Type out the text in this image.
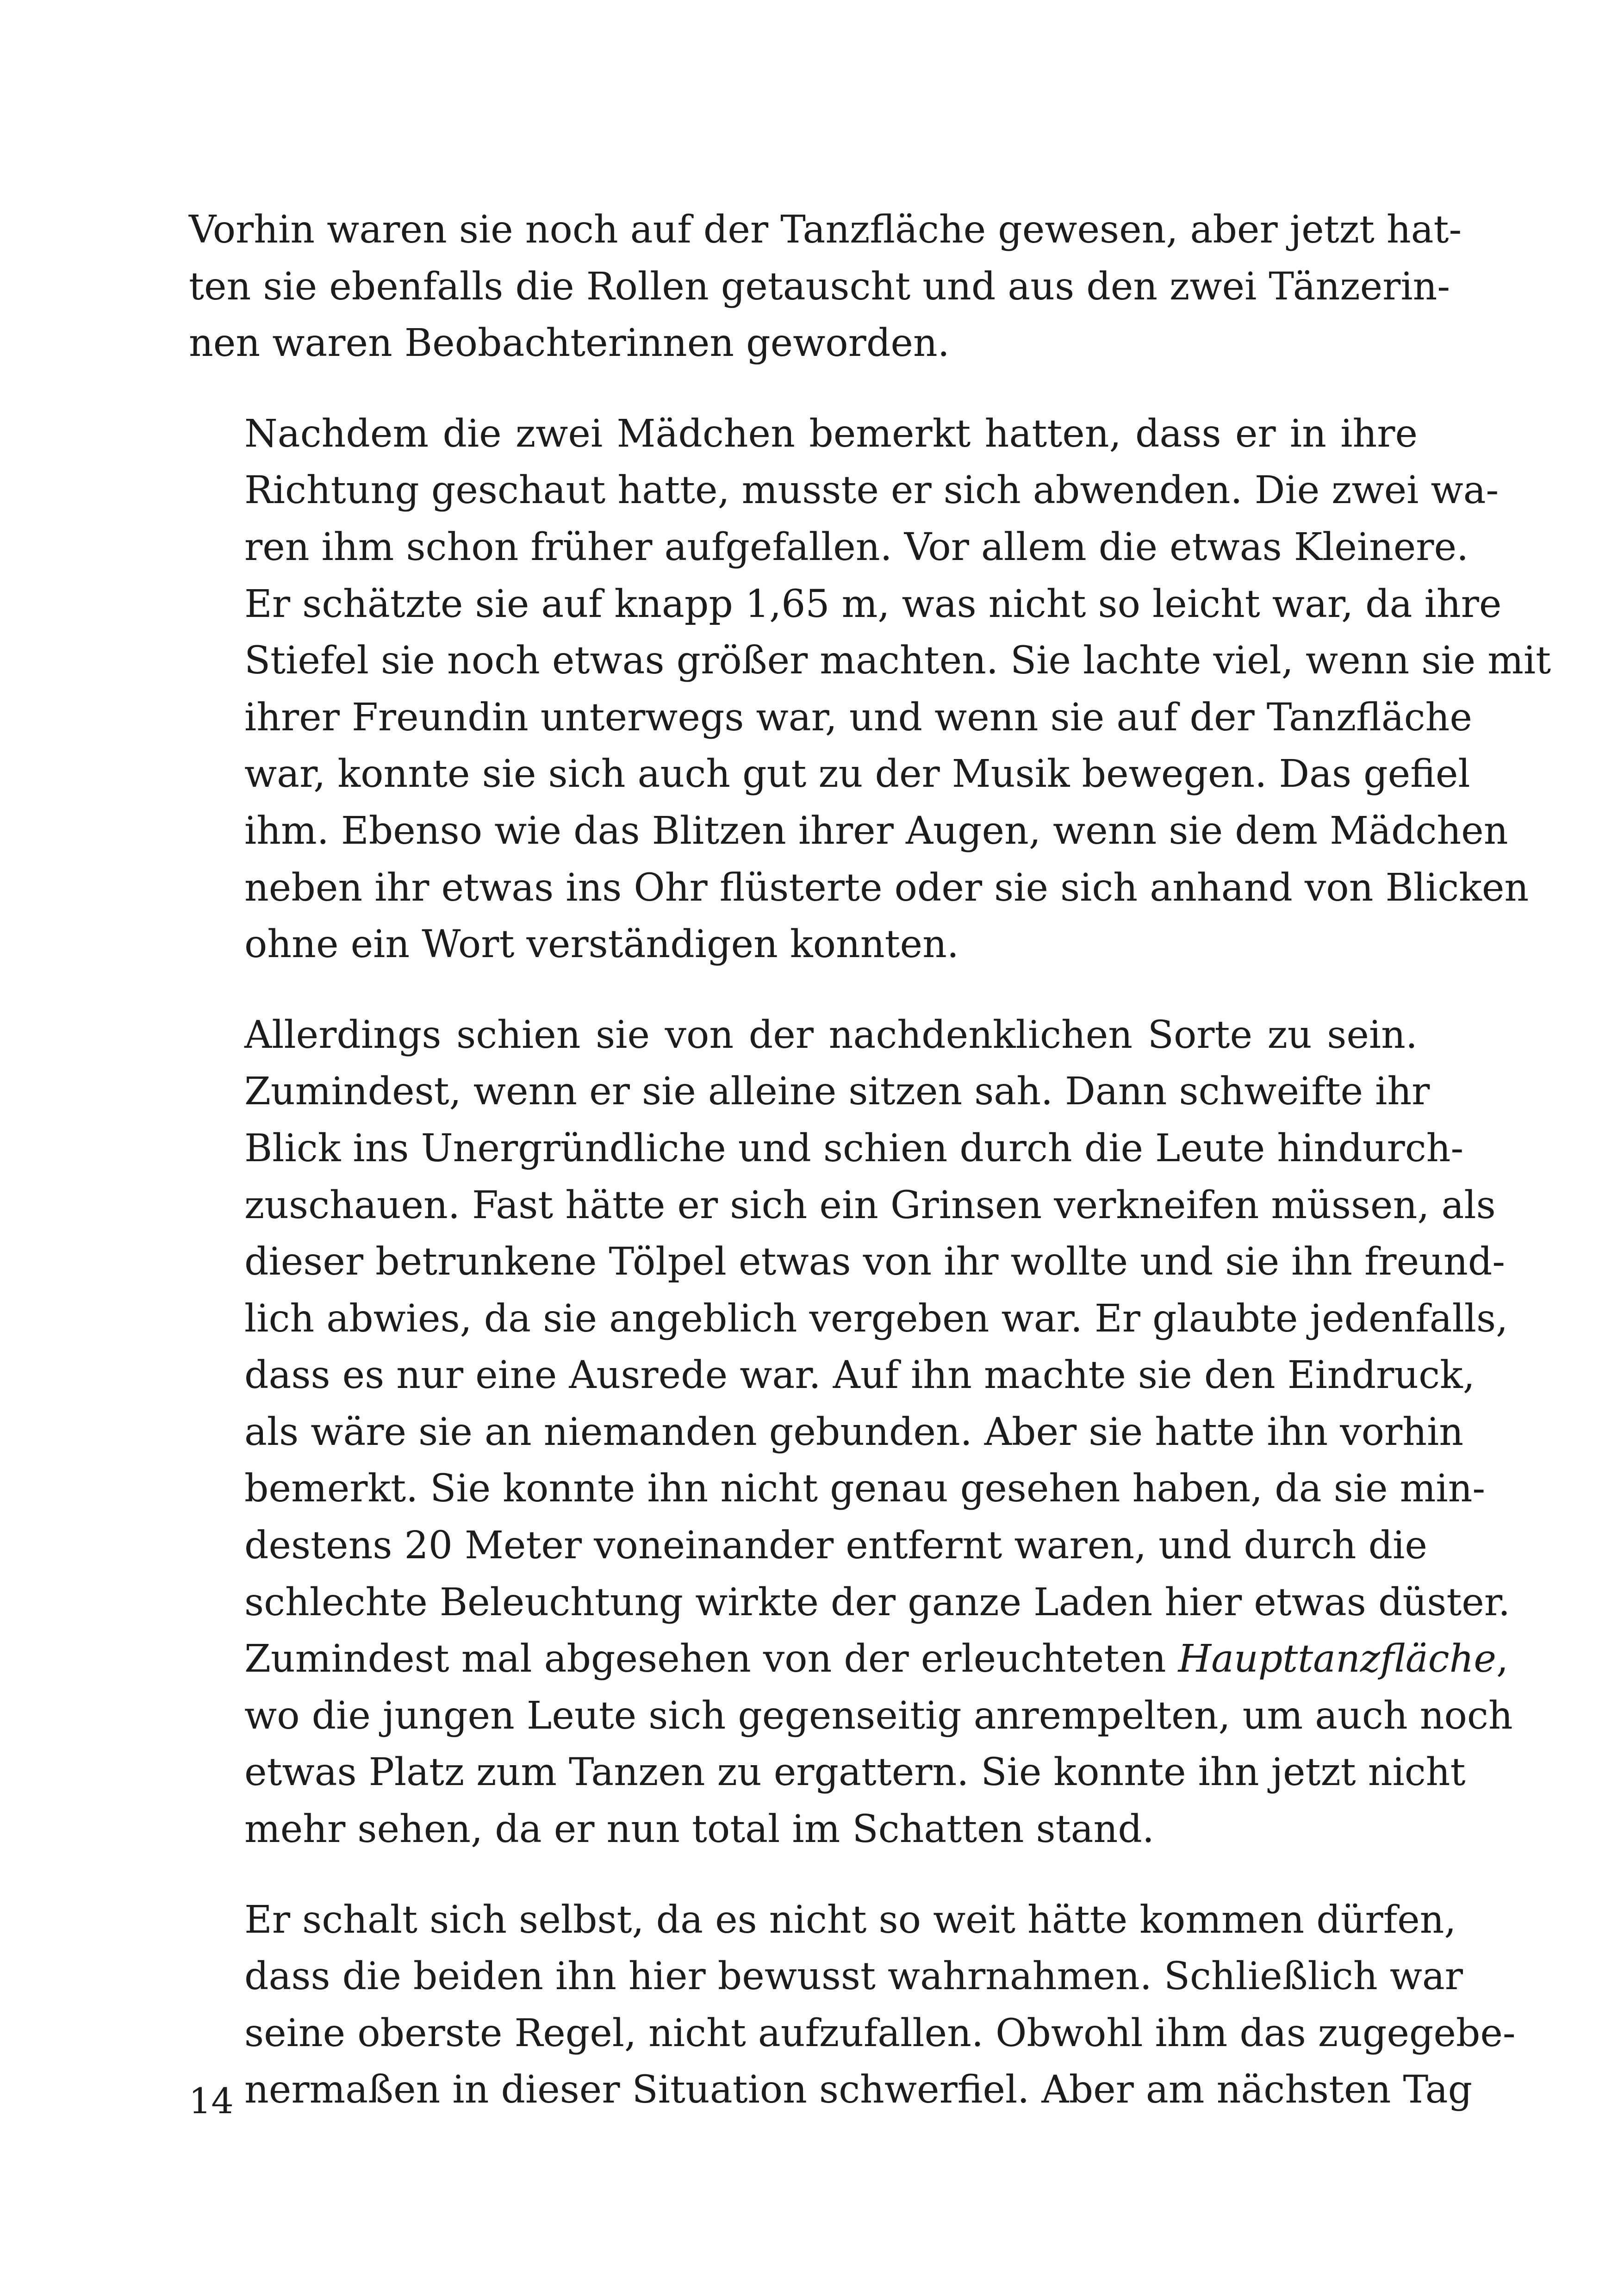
Vorhin waren sie noch auf der Tanzfläche gewesen, aber jetzt hat-
ten sie ebenfalls die Rollen getauscht und aus den zwei Tänzerin-
nen waren Beobachterinnen geworden.

Nachdem die zwei Mädchen bemerkt hatten, dass er in ihre
Richtung geschaut hatte, musste er sich abwenden. Die zwei wa-
ren ihm schon früher aufgefallen. Vor allem die etwas Kleinere.
Er schätzte sie auf knapp 1,65 m, was nicht so leicht war, da ihre
Stiefel sie noch etwas größer machten. Sie lachte viel, wenn sie mit
ihrer Freundin unterwegs war, und wenn sie auf der Tanzfläche
war, konnte sie sich auch gut zu der Musik bewegen. Das gefiel
ihm. Ebenso wie das Blitzen ihrer Augen, wenn sie dem Mädchen
neben ihr etwas ins Ohr flüsterte oder sie sich anhand von Blicken
ohne ein Wort verständigen konnten.

Allerdings schien sie von der nachdenklichen Sorte zu sein.
Zumindest, wenn er sie alleine sitzen sah. Dann schweifte ihr
Blick ins Unergründliche und schien durch die Leute hindurch-
zuschauen. Fast hätte er sich ein Grinsen verkneifen müssen, als
dieser betrunkene Tölpel etwas von ihr wollte und sie ihn freund-
lich abwies, da sie angeblich vergeben war. Er glaubte jedenfalls,
dass es nur eine Ausrede war. Auf ihn machte sie den Eindruck,
als wäre sie an niemanden gebunden. Aber sie hatte ihn vorhin
bemerkt. Sie konnte ihn nicht genau gesehen haben, da sie min-
destens 20 Meter voneinander entfernt waren, und durch die
schlechte Beleuchtung wirkte der ganze Laden hier etwas düster.
Zumindest mal abgesehen von der erleuchteten Haupttanzfläche,
wo die jungen Leute sich gegenseitig anrempelten, um auch noch
etwas Platz zum Tanzen zu ergattern. Sie konnte ihn jetzt nicht
mehr sehen, da er nun total im Schatten stand.

Er schalt sich selbst, da es nicht so weit hätte kommen dürfen,
dass die beiden ihn hier bewusst wahrnahmen. Schließlich war
seine oberste Regel, nicht aufzufallen. Obwohl ihm das zugegebe-
nermaßen in dieser Situation schwerfiel. Aber am nächsten Tag

14
